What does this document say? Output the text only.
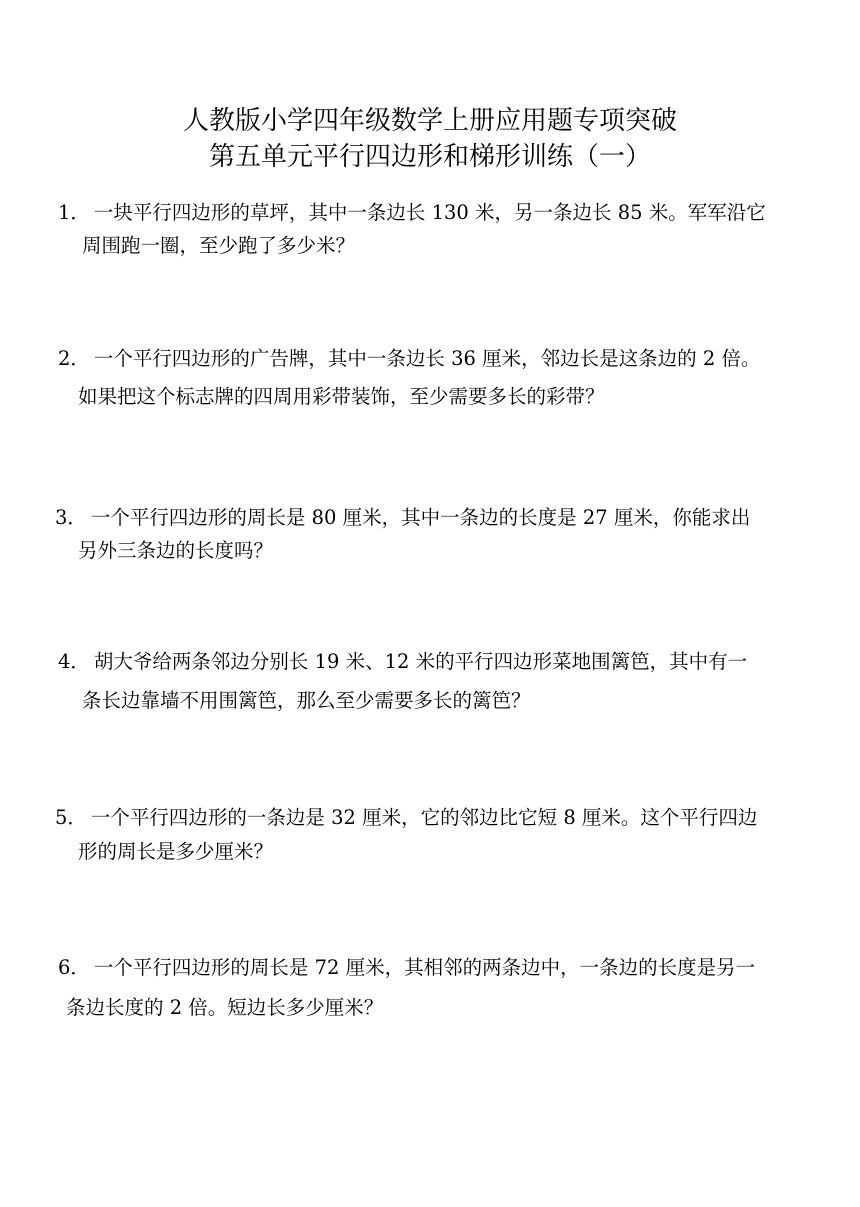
人教版小学四年级数学上册应用题专项突破
第五单元平行四边形和梯形训练（一）
1． 一块平行四边形的草坪，其中一条边长 130 米，另一条边长 85 米。军军沿它
周围跑一圈，至少跑了多少米？
2． 一个平行四边形的广告牌，其中一条边长 36 厘米，邻边长是这条边的 2 倍。
如果把这个标志牌的四周用彩带装饰，至少需要多长的彩带？
3． 一个平行四边形的周长是 80 厘米，其中一条边的长度是 27 厘米，你能求出
另外三条边的长度吗？
4． 胡大爷给两条邻边分别长 19 米、12 米的平行四边形菜地围篱笆，其中有一
条长边靠墙不用围篱笆，那么至少需要多长的篱笆？
5． 一个平行四边形的一条边是 32 厘米，它的邻边比它短 8 厘米。这个平行四边
形的周长是多少厘米？
6． 一个平行四边形的周长是 72 厘米，其相邻的两条边中，一条边的长度是另一
条边长度的 2 倍。短边长多少厘米？
